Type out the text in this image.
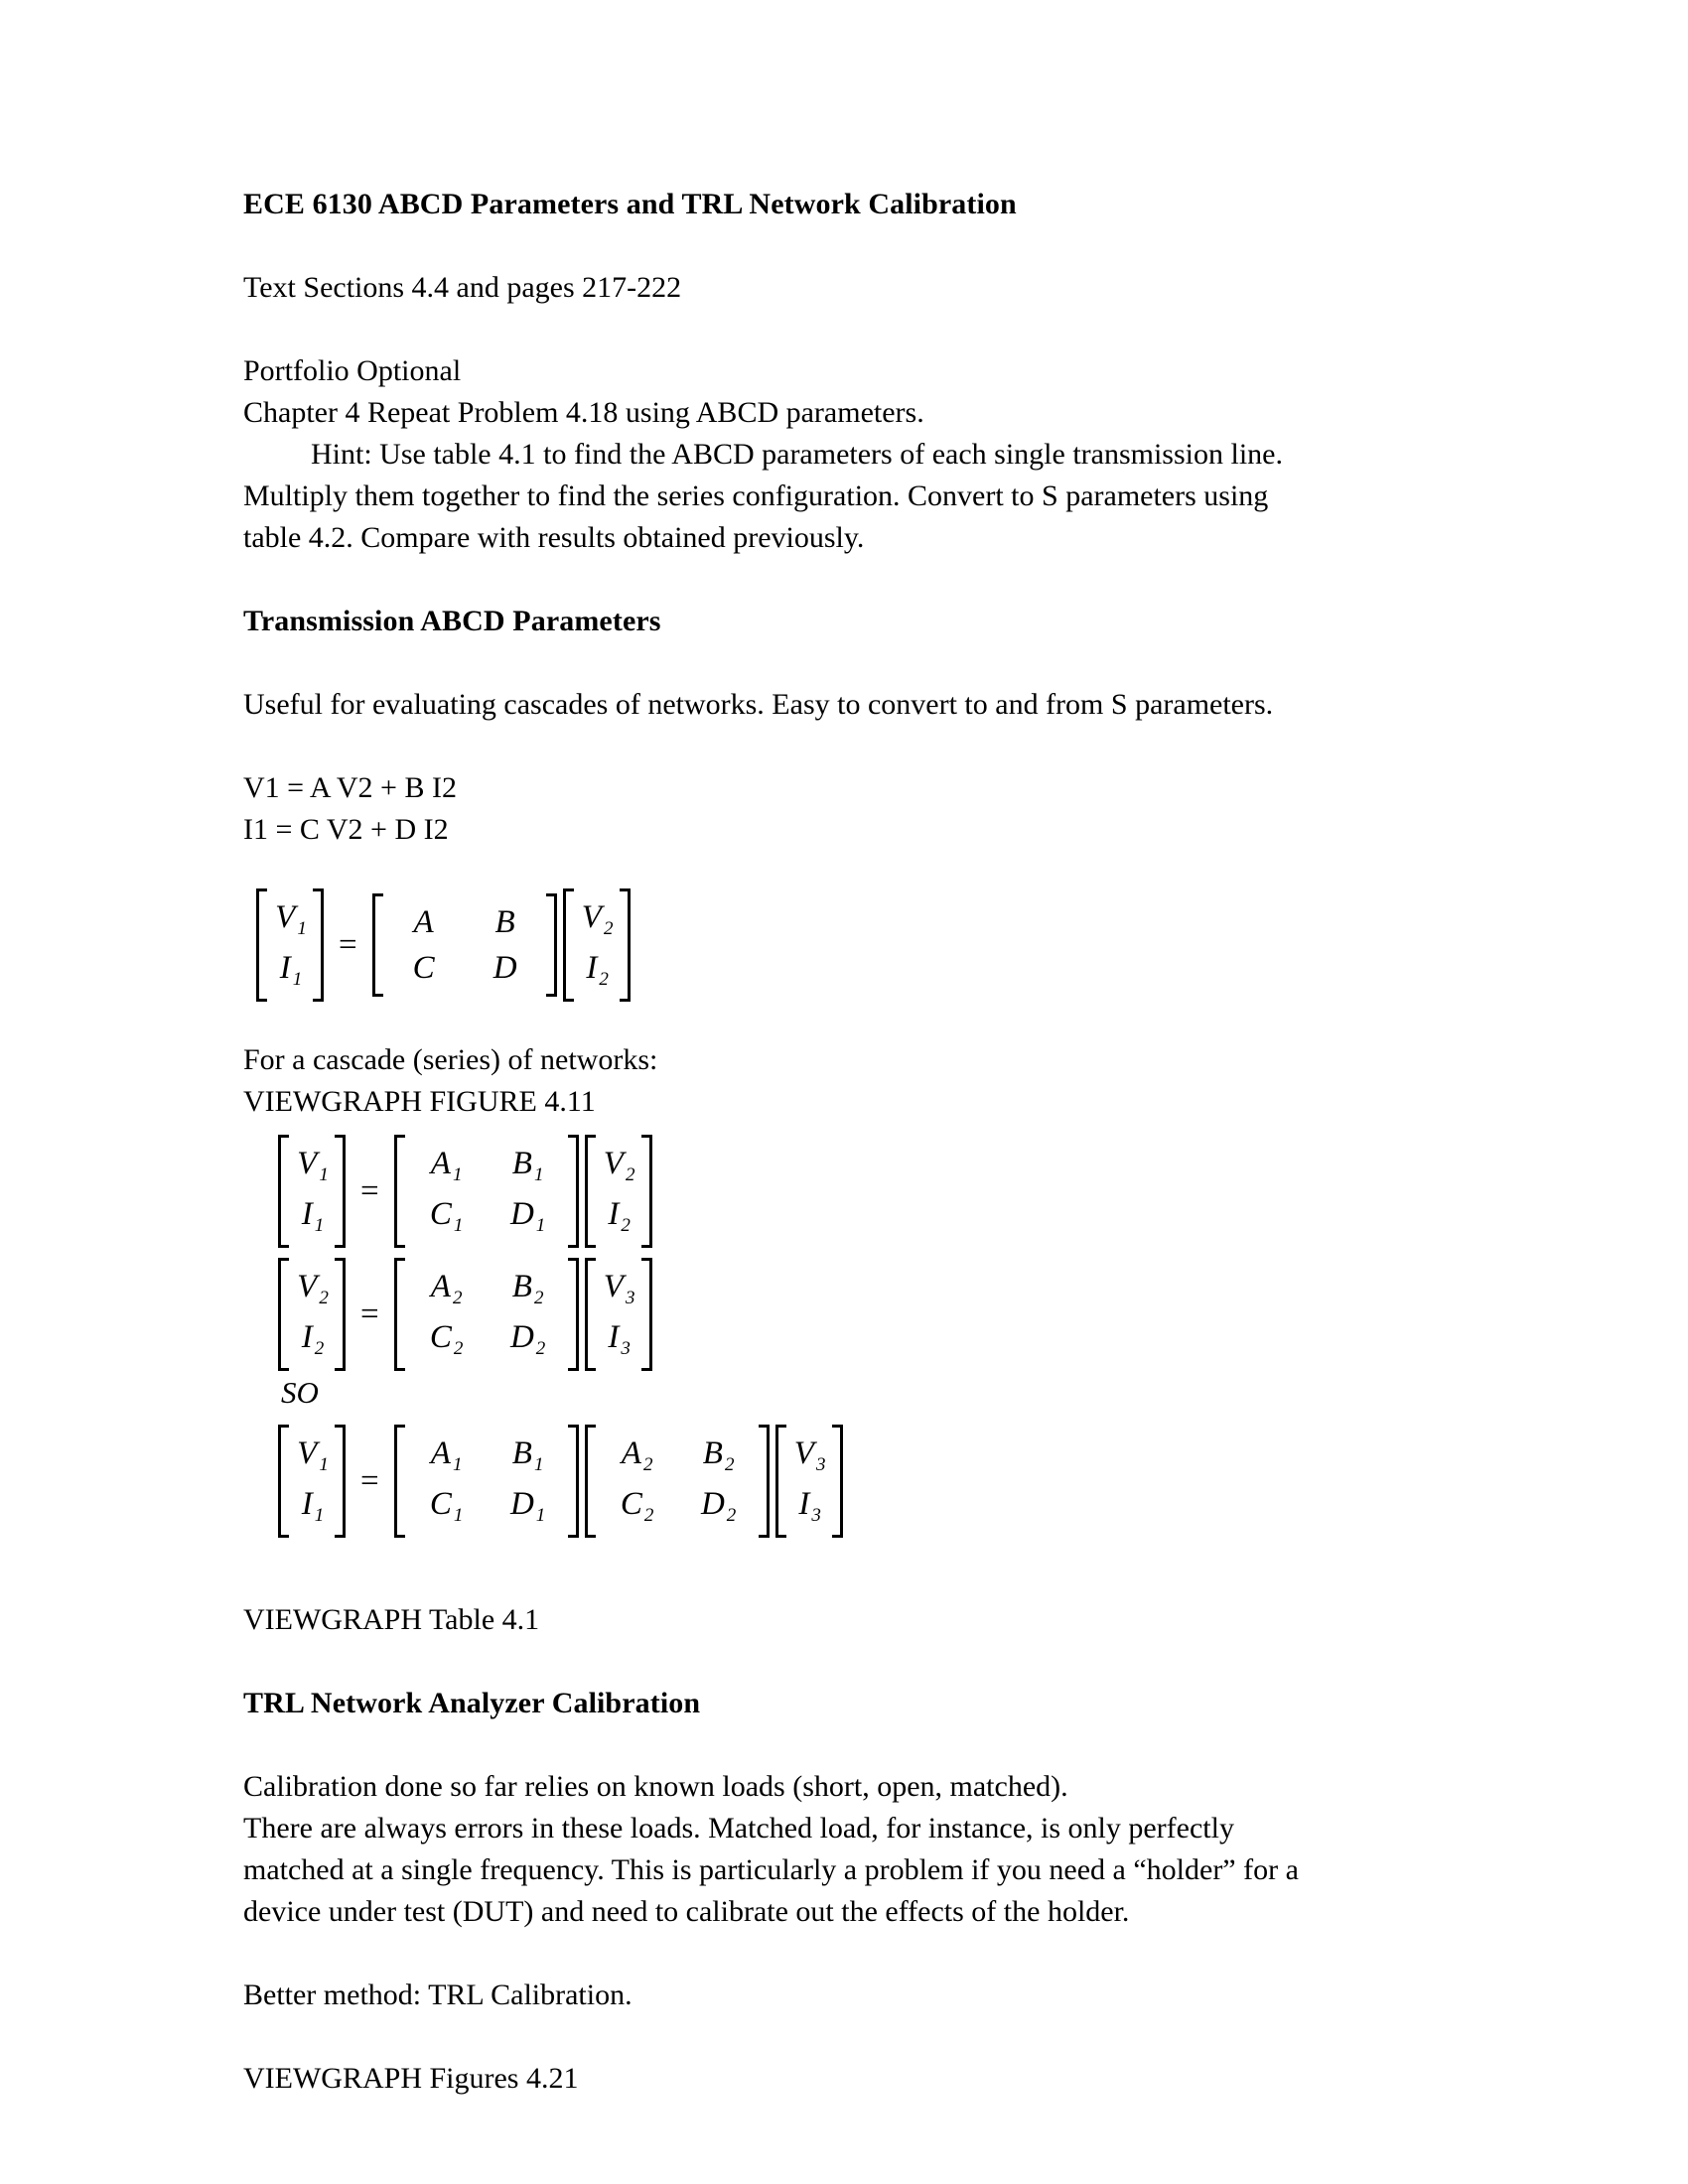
ECE 6130 ABCD Parameters and TRL Network Calibration

Text Sections 4.4 and pages 217-222

Portfolio Optional

Chapter 4 Repeat Problem 4.18 using ABCD parameters.

Hint: Use table 4.1 to find the ABCD parameters of each single transmission line.

Multiply them together to find the series configuration. Convert to S parameters using

table 4.2. Compare with results obtained previously.

Transmission ABCD Parameters

Useful for evaluating cascades of networks. Easy to convert to and from S parameters.

V1 = A V2 + B I2

I1 = C V2 + D I2

$V_1$
$I_1$
=
A	B
C	D
$V_2$
$I_2$

For a cascade (series) of networks:

VIEWGRAPH FIGURE 4.11

$V_1$
$I_1$
=
$A_1$ $B_1$
$C_1$ $D_1$
$V_2$
$I_2$
$V_2$
$I_2$
=
$A_2$ $B_2$
$C_2$ $D_2$
$V_3$
$I_3$
SO
$V_1$
$I_1$
=
$A_1$ $B_1$
$C_1$ $D_1$
$A_2$ $B_2$
$C_2$ $D_2$
$V_3$
$I_3$

VIEWGRAPH Table 4.1

TRL Network Analyzer Calibration

Calibration done so far relies on known loads (short, open, matched).

There are always errors in these loads. Matched load, for instance, is only perfectly

matched at a single frequency. This is particularly a problem if you need a “holder” for a

device under test (DUT) and need to calibrate out the effects of the holder.

Better method: TRL Calibration.

VIEWGRAPH Figures 4.21
